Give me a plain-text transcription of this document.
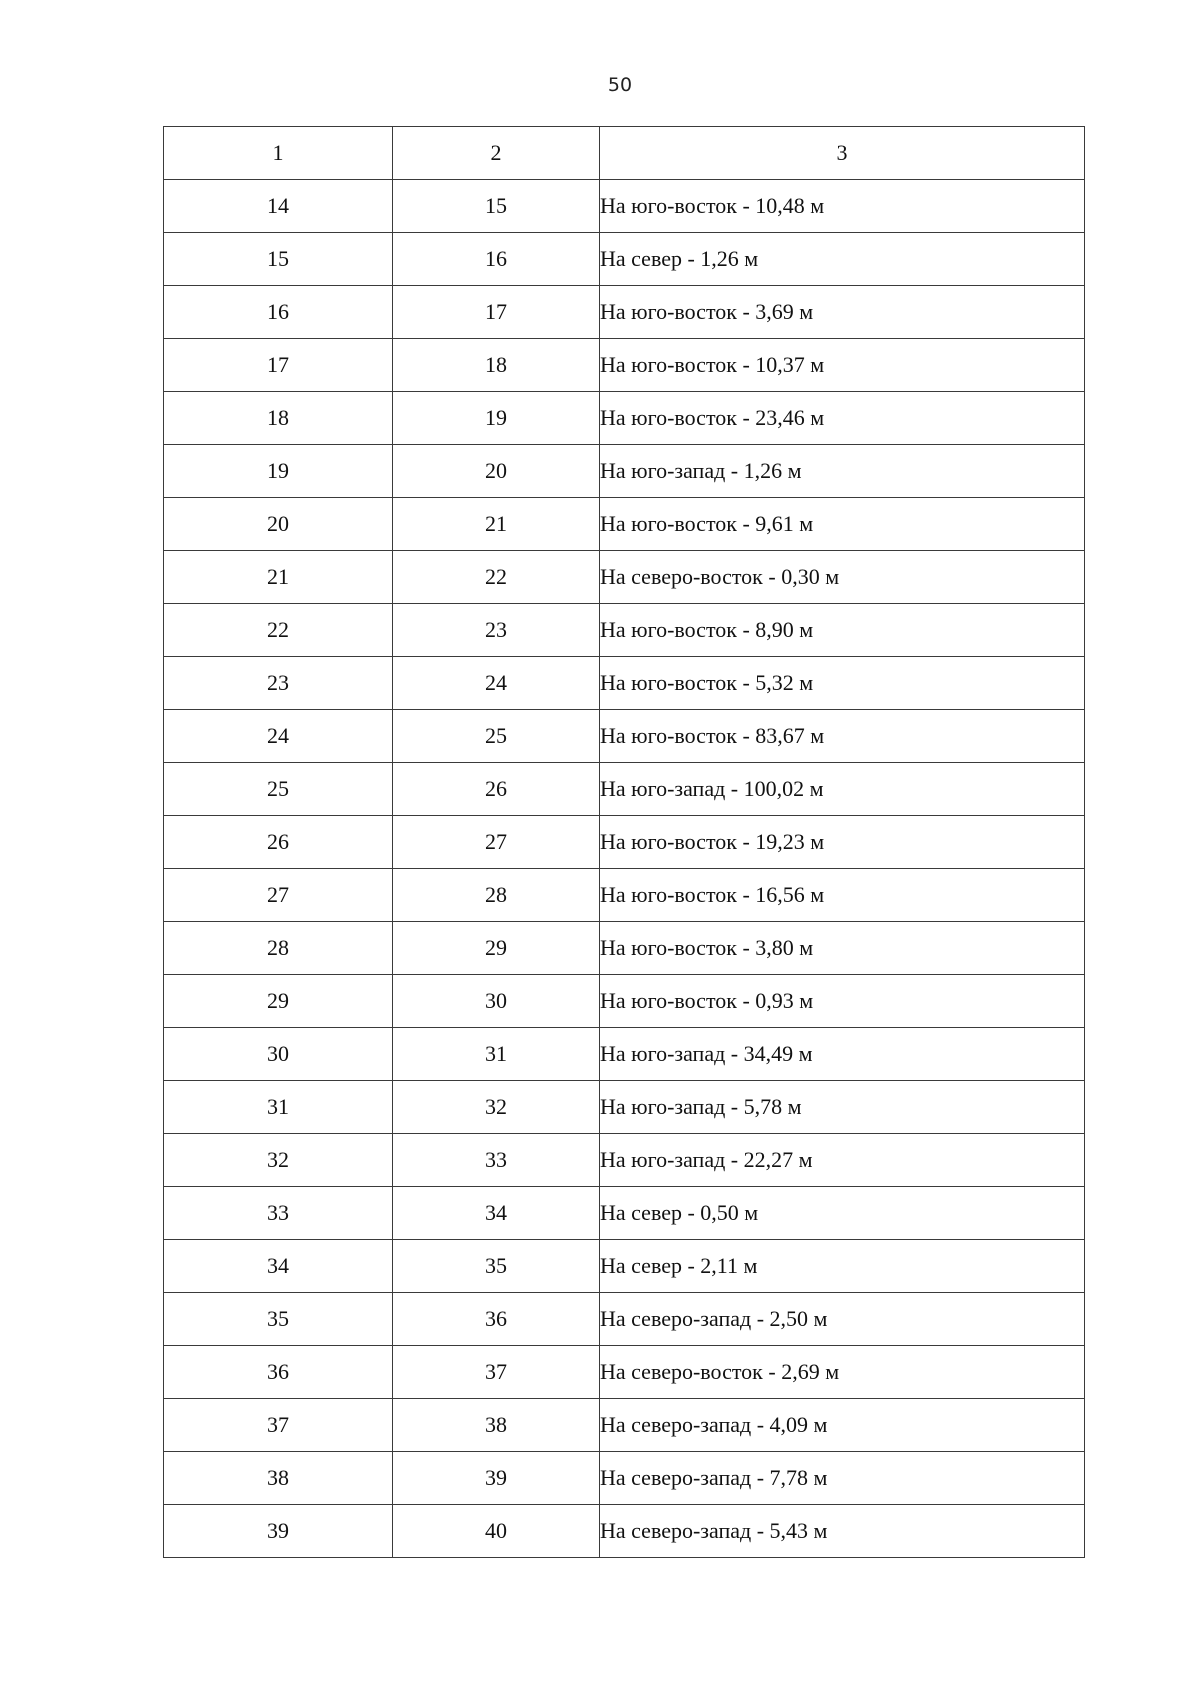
50
1	2	3
14	15	На юго-восток - 10,48 м
15	16	На север - 1,26 м
16	17	На юго-восток - 3,69 м
17	18	На юго-восток - 10,37 м
18	19	На юго-восток - 23,46 м
19	20	На юго-запад - 1,26 м
20	21	На юго-восток - 9,61 м
21	22	На северо-восток - 0,30 м
22	23	На юго-восток - 8,90 м
23	24	На юго-восток - 5,32 м
24	25	На юго-восток - 83,67 м
25	26	На юго-запад - 100,02 м
26	27	На юго-восток - 19,23 м
27	28	На юго-восток - 16,56 м
28	29	На юго-восток - 3,80 м
29	30	На юго-восток - 0,93 м
30	31	На юго-запад - 34,49 м
31	32	На юго-запад - 5,78 м
32	33	На юго-запад - 22,27 м
33	34	На север - 0,50 м
34	35	На север - 2,11 м
35	36	На северо-запад - 2,50 м
36	37	На северо-восток - 2,69 м
37	38	На северо-запад - 4,09 м
38	39	На северо-запад - 7,78 м
39	40	На северо-запад - 5,43 м
